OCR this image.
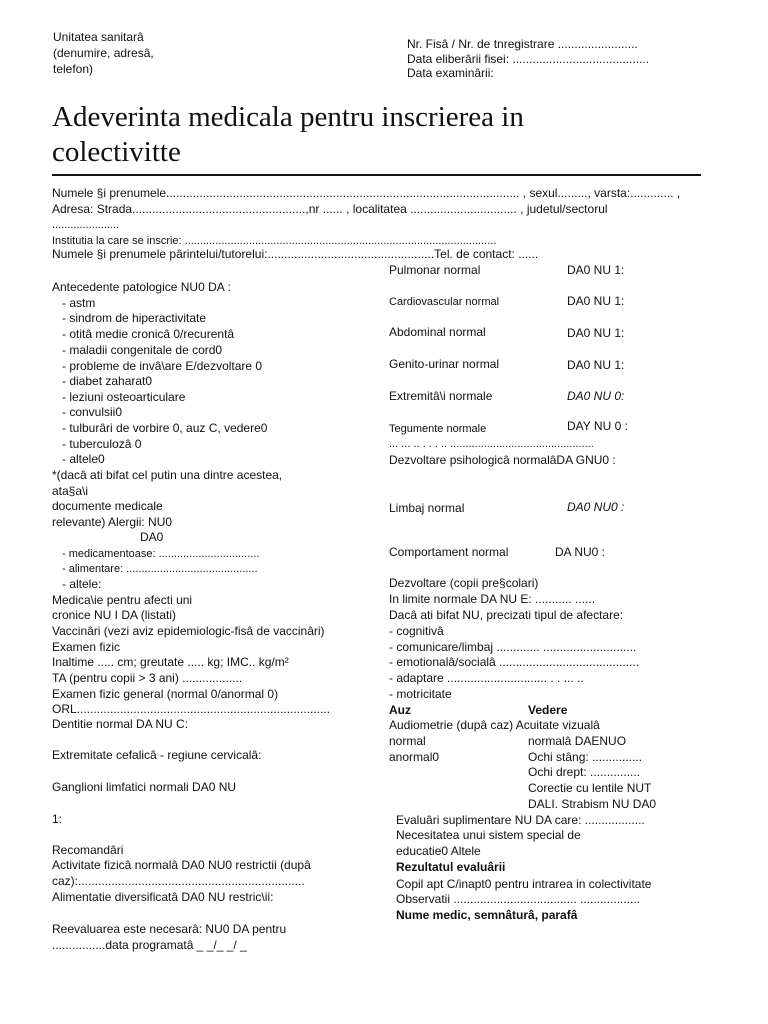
Unitatea sanitarâ
(denumire, adresâ,
telefon)
Nr. Fisâ / Nr. de tnregistrare ........................
Data eliberârii fisei: .........................................
Data examinârii:
Adeverinta medicala pentru inscrierea in
colectivitte
Numele §i prenumele.......................................................................................................... , sexul........., varsta:............. ,
Adresa: Strada....................................................,nr ...... , localitatea ................................ , judetul/sectorul
......................
Institutia la care se inscrie: ......................................................................................................
Numele §i prenumele pârintelui/tutorelui:..................................................Tel. de contact: ......
Antecedente patologice NU0 DA :
- astm
- sindrom de hiperactivitate
- otitâ medie cronicâ 0/recurentâ
- maladii congenitale de cord0
- probleme de invâ\are E/dezvoltare 0
- diabet zaharat0
- leziuni osteoarticulare
- convulsii0
- tulburâri de vorbire 0, auz C, vedere0
- tuberculozâ 0
- altele0
*(dacâ ati bifat cel putin una dintre acestea,
ata§a\i
documente medicale
relevante) Alergii: NU0
DA0
- medicamentoase: .................................
- alimentare: ...........................................
- altele:
Medica\ie pentru afecti uni
cronice NU I DA (listati)
Vaccinâri (vezi aviz epidemiologic-fisâ de vaccinâri)
Examen fizic
Inaltime ..... cm; greutate ..... kg; IMC.. kg/m²
TA (pentru copii > 3 ani) ..................
Examen fizic general (normal 0/anormal 0)
ORL............................................................................
Dentitie normal DA NU C:
Extremitate cefalicâ - regiune cervicalâ:
Ganglioni limfatici normali DA0 NU
1:
Recomandâri
Activitate fizicâ normalâ DA0 NU0 restrictii (dupâ
caz):....................................................................
Alimentatie diversificatâ DA0 NU restric\ii:
Reevaluarea este necesarâ: NU0 DA pentru
................data programatâ _ _/_ _/ _
Pulmonar normal	DA0 NU 1:
Cardiovascular normal	DA0 NU 1:
Abdominal normal	DA0 NU 1:
Genito-urinar normal	DA0 NU 1:
Extremitâ\i normale	DA0 NU 0:
Tegumente normale	DAY NU 0 :
... ... .. . . . .. ...............................................
Dezvoltare psihologicâ normalâDA GNU0 :
Limbaj normal	DA0 NU0 :
Comportament normal	DA NU0 :
Dezvoltare (copii pre§colari)
In limite normale DA NU E: ........... ......
Dacâ ati bifat NU, precizati tipul de afectare:
- cognitivâ
- comunicare/limbaj ............. ............................
- emotionalâ/socialâ ..........................................
- adaptare .............................. . . ... ..
- motricitate
Auz	Vedere
Audiometrie (dupâ caz) Acuitate vizualâ
normal	normalâ DAENUO
anormal0	Ochi stâng: ...............
Ochi drept: ...............
Corectie cu lentile NUT
DALI. Strabism NU DA0
Evaluâri suplimentare NU DA care: ..................
Necesitatea unui sistem special de
educatie0 Altele
Rezultatul evaluârii
Copil apt C/inapt0 pentru intrarea in colectivitate
Observatii ..................................... ..................
Nume medic, semnâturâ, parafâ
